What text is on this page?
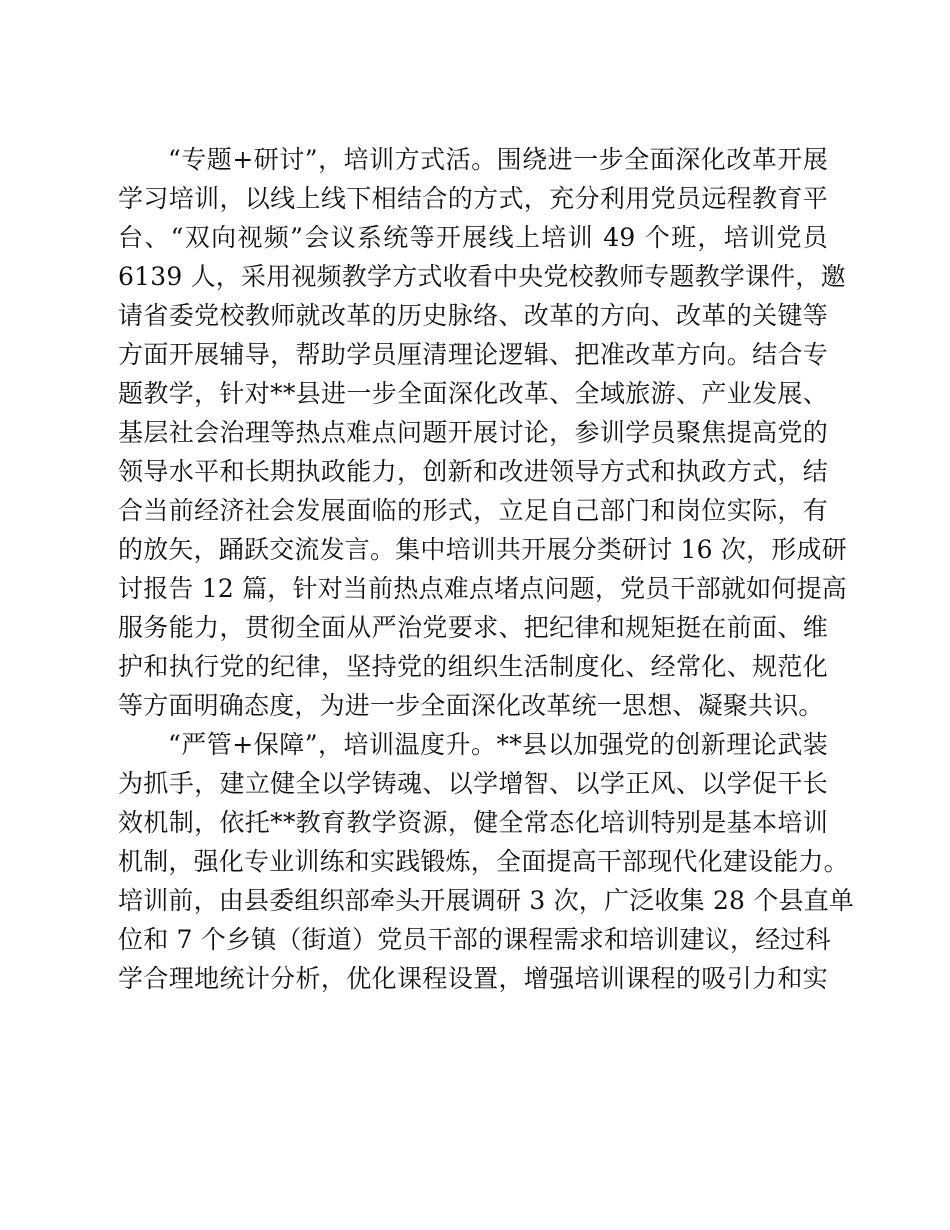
“专题+研讨”，培训方式活。围绕进一步全面深化改革开展
学习培训，以线上线下相结合的方式，充分利用党员远程教育平
台、“双向视频”会议系统等开展线上培训 49 个班，培训党员
6139 人，采用视频教学方式收看中央党校教师专题教学课件，邀
请省委党校教师就改革的历史脉络、改革的方向、改革的关键等
方面开展辅导，帮助学员厘清理论逻辑、把准改革方向。结合专
题教学，针对**县进一步全面深化改革、全域旅游、产业发展、
基层社会治理等热点难点问题开展讨论，参训学员聚焦提高党的
领导水平和长期执政能力，创新和改进领导方式和执政方式，结
合当前经济社会发展面临的形式，立足自己部门和岗位实际，有
的放矢，踊跃交流发言。集中培训共开展分类研讨 16 次，形成研
讨报告 12 篇，针对当前热点难点堵点问题，党员干部就如何提高
服务能力，贯彻全面从严治党要求、把纪律和规矩挺在前面、维
护和执行党的纪律，坚持党的组织生活制度化、经常化、规范化
等方面明确态度，为进一步全面深化改革统一思想、凝聚共识。
“严管+保障”，培训温度升。**县以加强党的创新理论武装
为抓手，建立健全以学铸魂、以学增智、以学正风、以学促干长
效机制，依托**教育教学资源，健全常态化培训特别是基本培训
机制，强化专业训练和实践锻炼，全面提高干部现代化建设能力。
培训前，由县委组织部牵头开展调研 3 次，广泛收集 28 个县直单
位和 7 个乡镇（街道）党员干部的课程需求和培训建议，经过科
学合理地统计分析，优化课程设置，增强培训课程的吸引力和实
